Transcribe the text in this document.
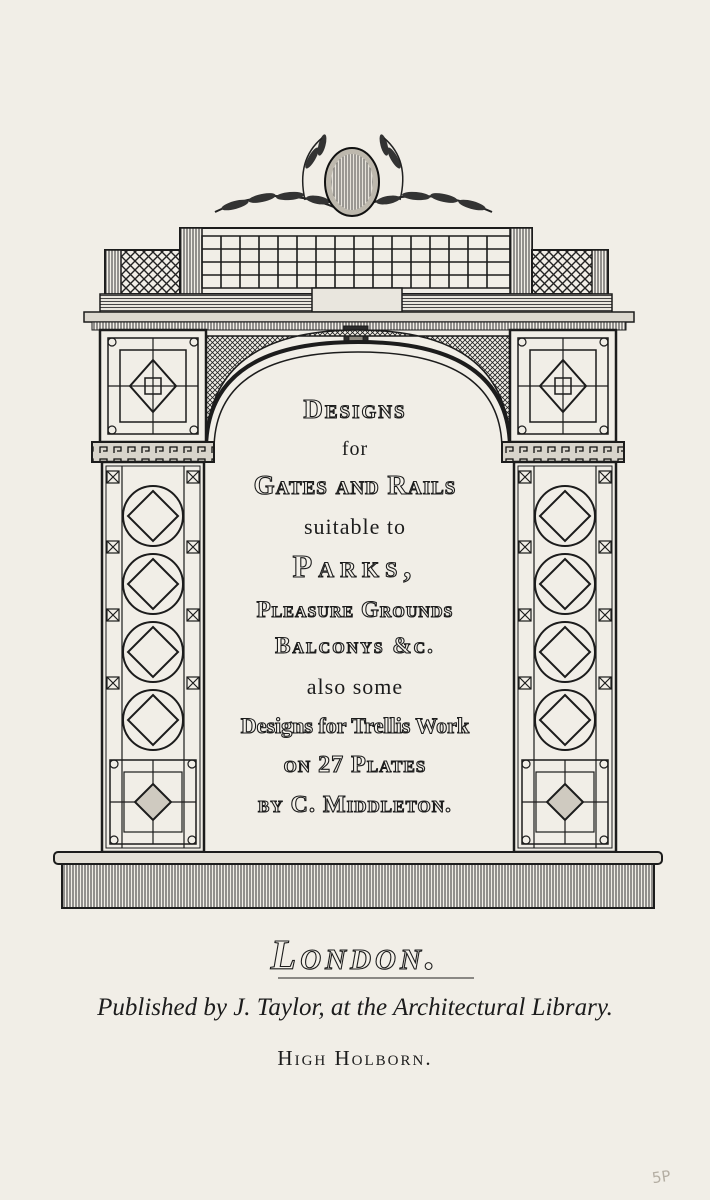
Designs
for
Gates and Rails
suitable to
Parks,
Pleasure Grounds
Balconys &c.
also some
Designs for Trellis Work
on 27 Plates
by C. Middleton.
London.
Published by J. Taylor, at the Architectural Library.
High Holborn.
5P
